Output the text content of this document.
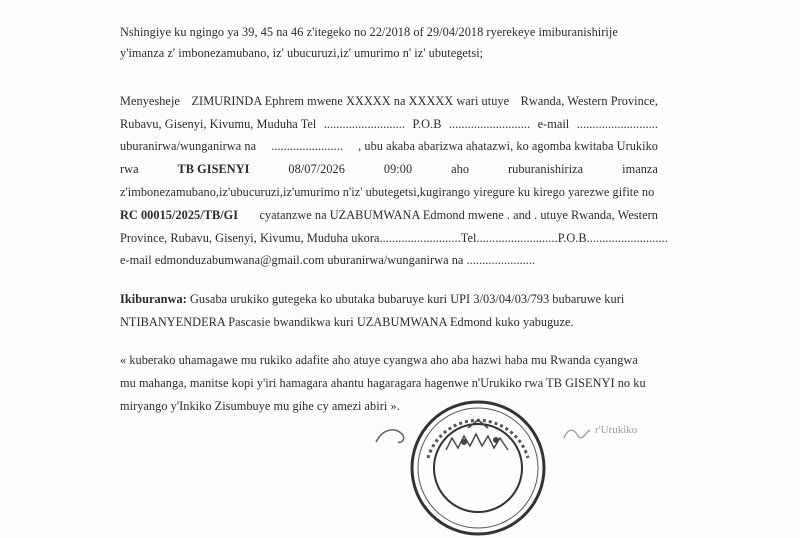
Nshingiye ku ngingo ya 39, 45 na 46 z'itegeko no 22/2018 of 29/04/2018 ryerekeye imiburanishirije
y'imanza z' imbonezamubano, iz' ubucuruzi,iz' umurimo n' iz' ubutegetsi;
Menyesheje ZIMURINDA Ephrem mwene XXXXX na XXXXX wari utuye Rwanda, Western Province,
Rubavu, Gisenyi, Kivumu, Muduha Tel .......................... P.O.B .......................... e-mail ..........................
uburanirwa/wunganirwa na ....................... , ubu akaba abarizwa ahatazwi, ko agomba kwitaba Urukiko
rwa	TB GISENYI	08/07/2026	09:00	aho	ruburanishiriza	imanza
z'imbonezamubano,iz'ubucuruzi,iz'umurimo n'iz' ubutegetsi,kugirango yiregure ku kirego yarezwe gifite no
RC 00015/2025/TB/GI cyatanzwe na UZABUMWANA Edmond mwene . and . utuye Rwanda, Western
Province, Rubavu, Gisenyi, Kivumu, Muduha ukora .......................... Tel .......................... P.O.B ..........................
e-mail edmonduzabumwana@gmail.com uburanirwa/wunganirwa na ......................
Ikiburanwa: Gusaba urukiko gutegeka ko ubutaka bubaruye kuri UPI 3/03/04/03/793 bubaruwe kuri
NTIBANYENDERA Pascasie bwandikwa kuri UZABUMWANA Edmond kuko yabuguze.
« kuberako uhamagawe mu rukiko adafite aho atuye cyangwa aho aba hazwi haba mu Rwanda cyangwa
mu mahanga, manitse kopi y'iri hamagara ahantu hagaragara hagenwe n'Urukiko rwa TB GISENYI no ku
miryango y'Inkiko Zisumbuye mu gihe cy amezi abiri ».
r'Urukiko
